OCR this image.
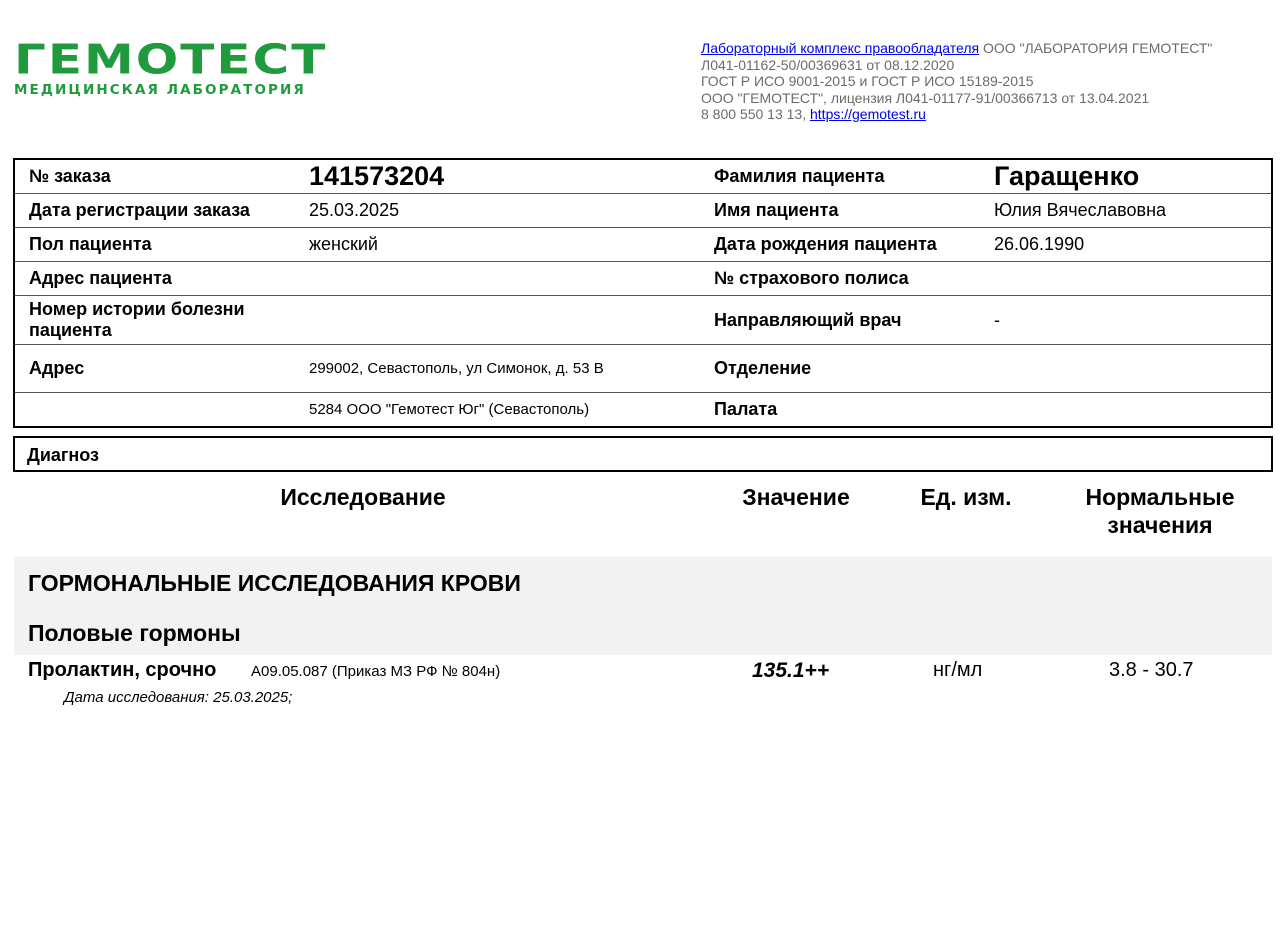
ГЕМОТЕСТ
МЕДИЦИНСКАЯ ЛАБОРАТОРИЯ
Лабораторный комплекс правообладателя ООО "ЛАБОРАТОРИЯ ГЕМОТЕСТ"
Л041-01162-50/00369631 от 08.12.2020
ГОСТ Р ИСО 9001-2015 и ГОСТ Р ИСО 15189-2015
ООО "ГЕМОТЕСТ", лицензия Л041-01177-91/00366713 от 13.04.2021
8 800 550 13 13, https://gemotest.ru
№ заказа	141573204	Фамилия пациента	Гаращенко
Дата регистрации заказа	25.03.2025	Имя пациента	Юлия Вячеславовна
Пол пациента	женский	Дата рождения пациента	26.06.1990
Адрес пациента		№ страхового полиса	
Номер истории болезни пациента		Направляющий врач	-
Адрес	299002, Севастополь, ул Симонок, д. 53 В	Отделение	
	5284 ООО "Гемотест Юг" (Севастополь)	Палата	
Диагноз
Исследование	Значение	Ед. изм.	Нормальные
значения
ГОРМОНАЛЬНЫЕ ИССЛЕДОВАНИЯ КРОВИ
Половые гормоны
Пролактин, срочно A09.05.087 (Приказ МЗ РФ № 804н)	135.1++	нг/мл	3.8 - 30.7
Дата исследования: 25.03.2025;
